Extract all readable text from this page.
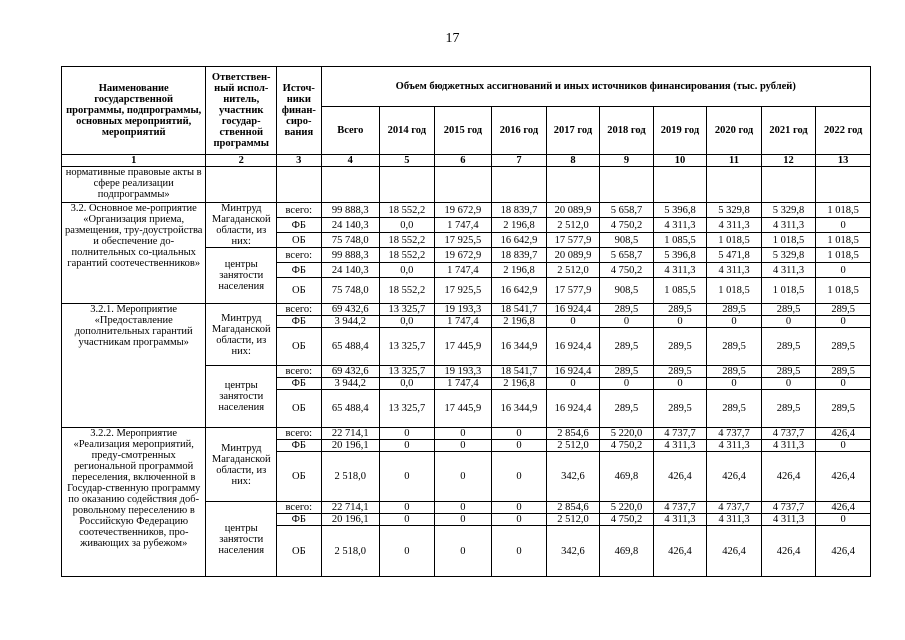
17
Наименование государственной программы, подпрограммы, основных мероприятий, мероприятий	Ответствен-ный испол-нитель, участник государ-ственной программы	Источ-ники финан-сиро-вания	Объем бюджетных ассигнований и иных источников финансирования (тыс. рублей)									
			Всего	2014 год	2015 год	2016 год	2017 год	2018 год	2019 год	2020 год	2021 год	2022 год
1	2	3	4	5	6	7	8	9	10	11	12	13
нормативные правовые акты в сфере реализации подпрограммы»												
3.2. Основное ме-роприятие «Организация приема, размещения, тру-доустройства и обеспечение до-полнительных со-циальных гарантий соотечественников»	Минтруд Магаданской области, из них:	всего:	99 888,3	18 552,2	19 672,9	18 839,7	20 089,9	5 658,7	5 396,8	5 329,8	5 329,8	1 018,5
		ФБ	24 140,3	0,0	1 747,4	2 196,8	2 512,0	4 750,2	4 311,3	4 311,3	4 311,3	0
		ОБ	75 748,0	18 552,2	17 925,5	16 642,9	17 577,9	908,5	1 085,5	1 018,5	1 018,5	1 018,5
	центры занятости населения	всего:	99 888,3	18 552,2	19 672,9	18 839,7	20 089,9	5 658,7	5 396,8	5 471,8	5 329,8	1 018,5
		ФБ	24 140,3	0,0	1 747,4	2 196,8	2 512,0	4 750,2	4 311,3	4 311,3	4 311,3	0
		ОБ	75 748,0	18 552,2	17 925,5	16 642,9	17 577,9	908,5	1 085,5	1 018,5	1 018,5	1 018,5
3.2.1. Мероприятие «Предоставление дополнительных гарантий участникам программы»	Минтруд Магаданской области, из них:	всего:	69 432,6	13 325,7	19 193,3	18 541,7	16 924,4	289,5	289,5	289,5	289,5	289,5
		ФБ	3 944,2	0,0	1 747,4	2 196,8	0	0	0	0	0	0
		ОБ	65 488,4	13 325,7	17 445,9	16 344,9	16 924,4	289,5	289,5	289,5	289,5	289,5
	центры занятости населения	всего:	69 432,6	13 325,7	19 193,3	18 541,7	16 924,4	289,5	289,5	289,5	289,5	289,5
		ФБ	3 944,2	0,0	1 747,4	2 196,8	0	0	0	0	0	0
		ОБ	65 488,4	13 325,7	17 445,9	16 344,9	16 924,4	289,5	289,5	289,5	289,5	289,5
3.2.2. Мероприятие «Реализация мероприятий, преду-смотренных региональной программой переселения, включенной в Государ-ственную программу по оказанию содействия доб-ровольному переселению в Российскую Федерацию соотечественников, про-живающих за рубежом»	Минтруд Магаданской области, из них:	всего:	22 714,1	0	0	0	2 854,6	5 220,0	4 737,7	4 737,7	4 737,7	426,4
		ФБ	20 196,1	0	0	0	2 512,0	4 750,2	4 311,3	4 311,3	4 311,3	0
		ОБ	2 518,0	0	0	0	342,6	469,8	426,4	426,4	426,4	426,4
	центры занятости населения	всего:	22 714,1	0	0	0	2 854,6	5 220,0	4 737,7	4 737,7	4 737,7	426,4
		ФБ	20 196,1	0	0	0	2 512,0	4 750,2	4 311,3	4 311,3	4 311,3	0
		ОБ	2 518,0	0	0	0	342,6	469,8	426,4	426,4	426,4	426,4
